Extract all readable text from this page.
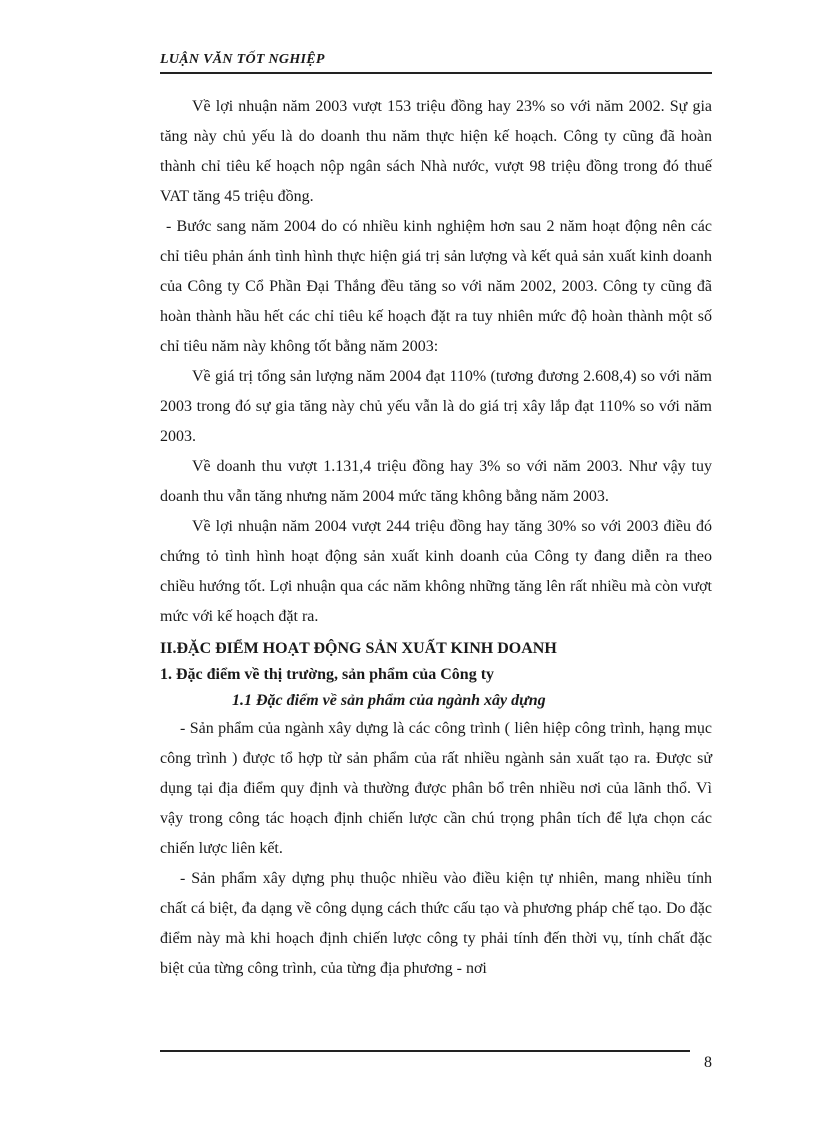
LUẬN VĂN TỐT NGHIỆP

Về lợi nhuận năm 2003 vượt 153 triệu đồng hay 23% so với năm 2002. Sự gia tăng này chủ yếu là do doanh thu năm thực hiện kế hoạch. Công ty cũng đã hoàn thành chỉ tiêu kế hoạch nộp ngân sách Nhà nước, vượt 98 triệu đồng trong đó thuế VAT tăng 45 triệu đồng.

- Bước sang năm 2004 do có nhiều kinh nghiệm hơn sau 2 năm hoạt động nên các chỉ tiêu phản ánh tình hình thực hiện giá trị sản lượng và kết quả sản xuất kinh doanh của Công ty Cổ Phần Đại Thắng đều tăng so với năm 2002, 2003. Công ty cũng đã hoàn thành hầu hết các chỉ tiêu kế hoạch đặt ra tuy nhiên mức độ hoàn thành một số chỉ tiêu năm này không tốt bằng năm 2003:

Về giá trị tổng sản lượng năm 2004 đạt 110% (tương đương 2.608,4) so với năm 2003 trong đó sự gia tăng này chủ yếu vẫn là do giá trị xây lắp đạt 110% so với năm 2003.

Về doanh thu vượt 1.131,4 triệu đồng hay 3% so với năm 2003. Như vậy tuy doanh thu vẫn tăng nhưng năm 2004 mức tăng không bằng năm 2003.

Về lợi nhuận năm 2004 vượt 244 triệu đồng hay tăng 30% so với 2003 điều đó chứng tỏ tình hình hoạt động sản xuất kinh doanh của Công ty đang diễn ra theo chiều hướng tốt. Lợi nhuận qua các năm không những tăng lên rất nhiều mà còn vượt mức với kế hoạch đặt ra.

II.ĐẶC ĐIỂM HOẠT ĐỘNG SẢN XUẤT KINH DOANH
1. Đặc điểm về thị trường, sản phẩm của Công ty
1.1 Đặc điểm về sản phẩm của ngành xây dựng

- Sản phẩm của ngành xây dựng là các công trình ( liên hiệp công trình, hạng mục công trình ) được tổ hợp từ sản phẩm của rất nhiều ngành sản xuất tạo ra. Được sử dụng tại địa điểm quy định và thường được phân bổ trên nhiều nơi của lãnh thổ. Vì vậy trong công tác hoạch định chiến lược cần chú trọng phân tích để lựa chọn các chiến lược liên kết.

- Sản phẩm xây dựng phụ thuộc nhiều vào điều kiện tự nhiên, mang nhiều tính chất cá biệt, đa dạng về công dụng cách thức cấu tạo và phương pháp chế tạo. Do đặc điểm này mà khi hoạch định chiến lược công ty phải tính đến thời vụ, tính chất đặc biệt của từng công trình, của từng địa phương - nơi

8
